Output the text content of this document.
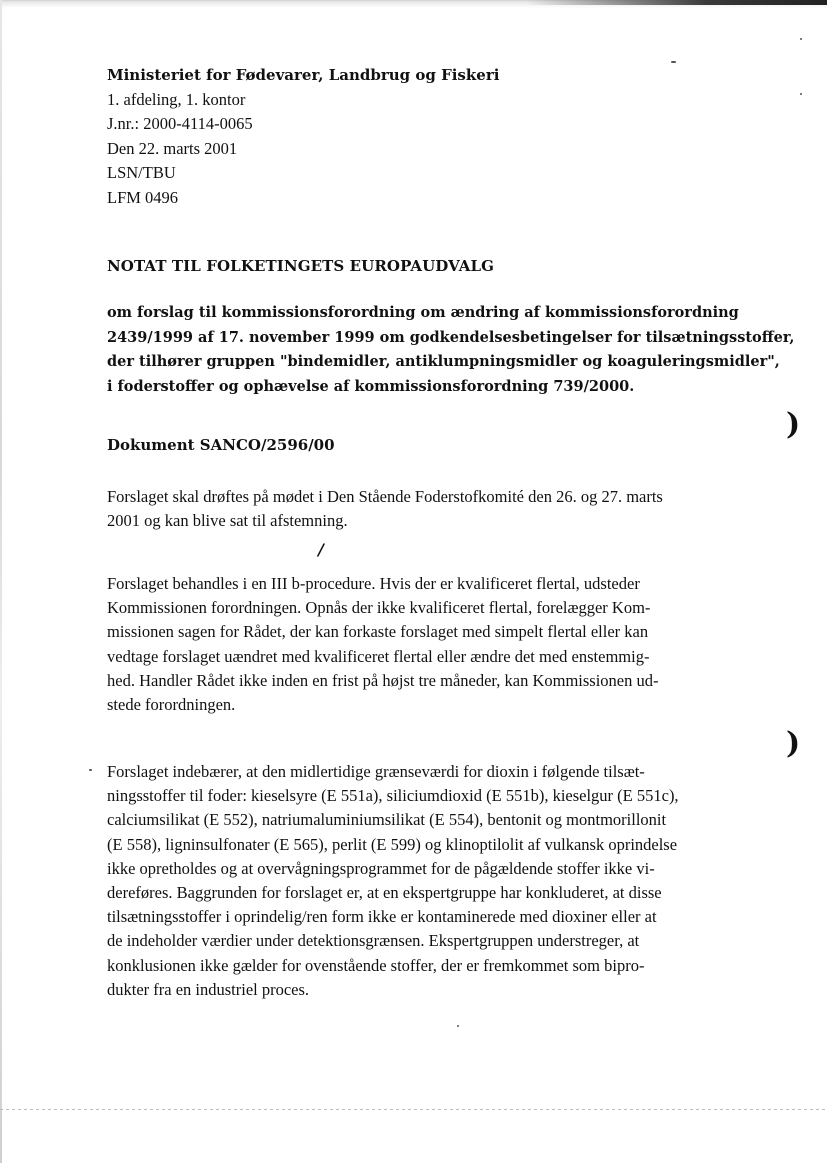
)
)
/
Ministeriet for Fødevarer, Landbrug og Fiskeri
1. afdeling, 1. kontor
J.nr.: 2000-4114-0065
Den 22. marts 2001
LSN/TBU
LFM 0496
NOTAT TIL FOLKETINGETS EUROPAUDVALG
om forslag til kommissionsforordning om ændring af kommissionsforordning
2439/1999 af 17. november 1999 om godkendelsesbetingelser for tilsætningsstoffer,
der tilhører gruppen "bindemidler, antiklumpningsmidler og koaguleringsmidler",
i foderstoffer og ophævelse af kommissionsforordning 739/2000.
Dokument SANCO/2596/00
Forslaget skal drøftes på mødet i Den Stående Foderstofkomité den 26. og 27. marts
2001 og kan blive sat til afstemning.
Forslaget behandles i en III b-procedure. Hvis der er kvalificeret flertal, udsteder
Kommissionen forordningen. Opnås der ikke kvalificeret flertal, forelægger Kom-
missionen sagen for Rådet, der kan forkaste forslaget med simpelt flertal eller kan
vedtage forslaget uændret med kvalificeret flertal eller ændre det med enstemmig-
hed. Handler Rådet ikke inden en frist på højst tre måneder, kan Kommissionen ud-
stede forordningen.
Forslaget indebærer, at den midlertidige grænseværdi for dioxin i følgende tilsæt-
ningsstoffer til foder: kieselsyre (E 551a), siliciumdioxid (E 551b), kieselgur (E 551c),
calciumsilikat (E 552), natriumaluminiumsilikat (E 554), bentonit og montmorillonit
(E 558), ligninsulfonater (E 565), perlit (E 599) og klinoptilolit af vulkansk oprindelse
ikke opretholdes og at overvågningsprogrammet for de pågældende stoffer ikke vi-
dereføres. Baggrunden for forslaget er, at en ekspertgruppe har konkluderet, at disse
tilsætningsstoffer i oprindelig/ren form ikke er kontaminerede med dioxiner eller at
de indeholder værdier under detektionsgrænsen. Ekspertgruppen understreger, at
konklusionen ikke gælder for ovenstående stoffer, der er fremkommet som bipro-
dukter fra en industriel proces.
